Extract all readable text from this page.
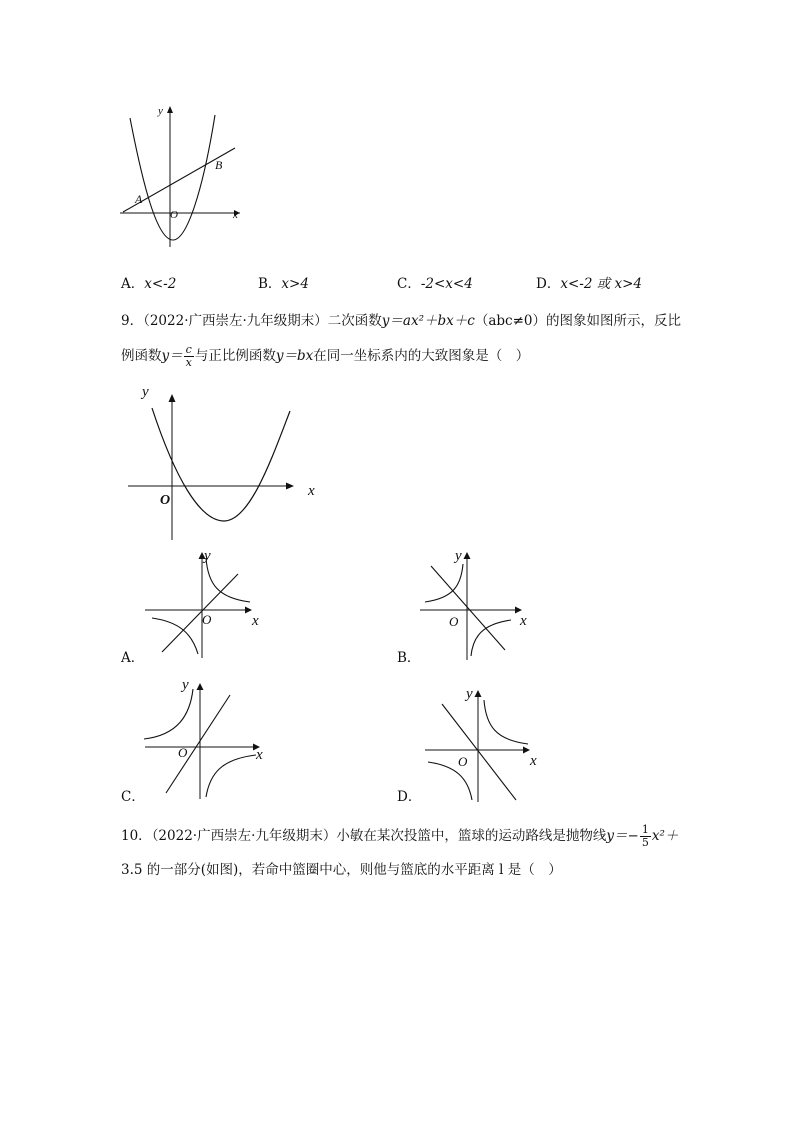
y
x
O
A
B
A．x<-2	B．x>4	C．-2<x<4	D．x<-2 或 x>4
9．（2022·广西崇左·九年级期末）二次函数y＝ax²＋bx＋c（abc≠0）的图象如图所示，反比
例函数$y= \frac{c}{x}$ 与正比例函数y＝bx在同一坐标系内的大致图象是（　）
y
x
O
y
x
O
A．
y
x
O
B．
y
x
O
C．
y
x
O
D．
10．（2022·广西崇左·九年级期末）小敏在某次投篮中，篮球的运动路线是抛物线$y=- \frac{1}{5} x^2+$
3.5 的一部分(如图)，若命中篮圈中心，则他与篮底的水平距离 l 是（　）
